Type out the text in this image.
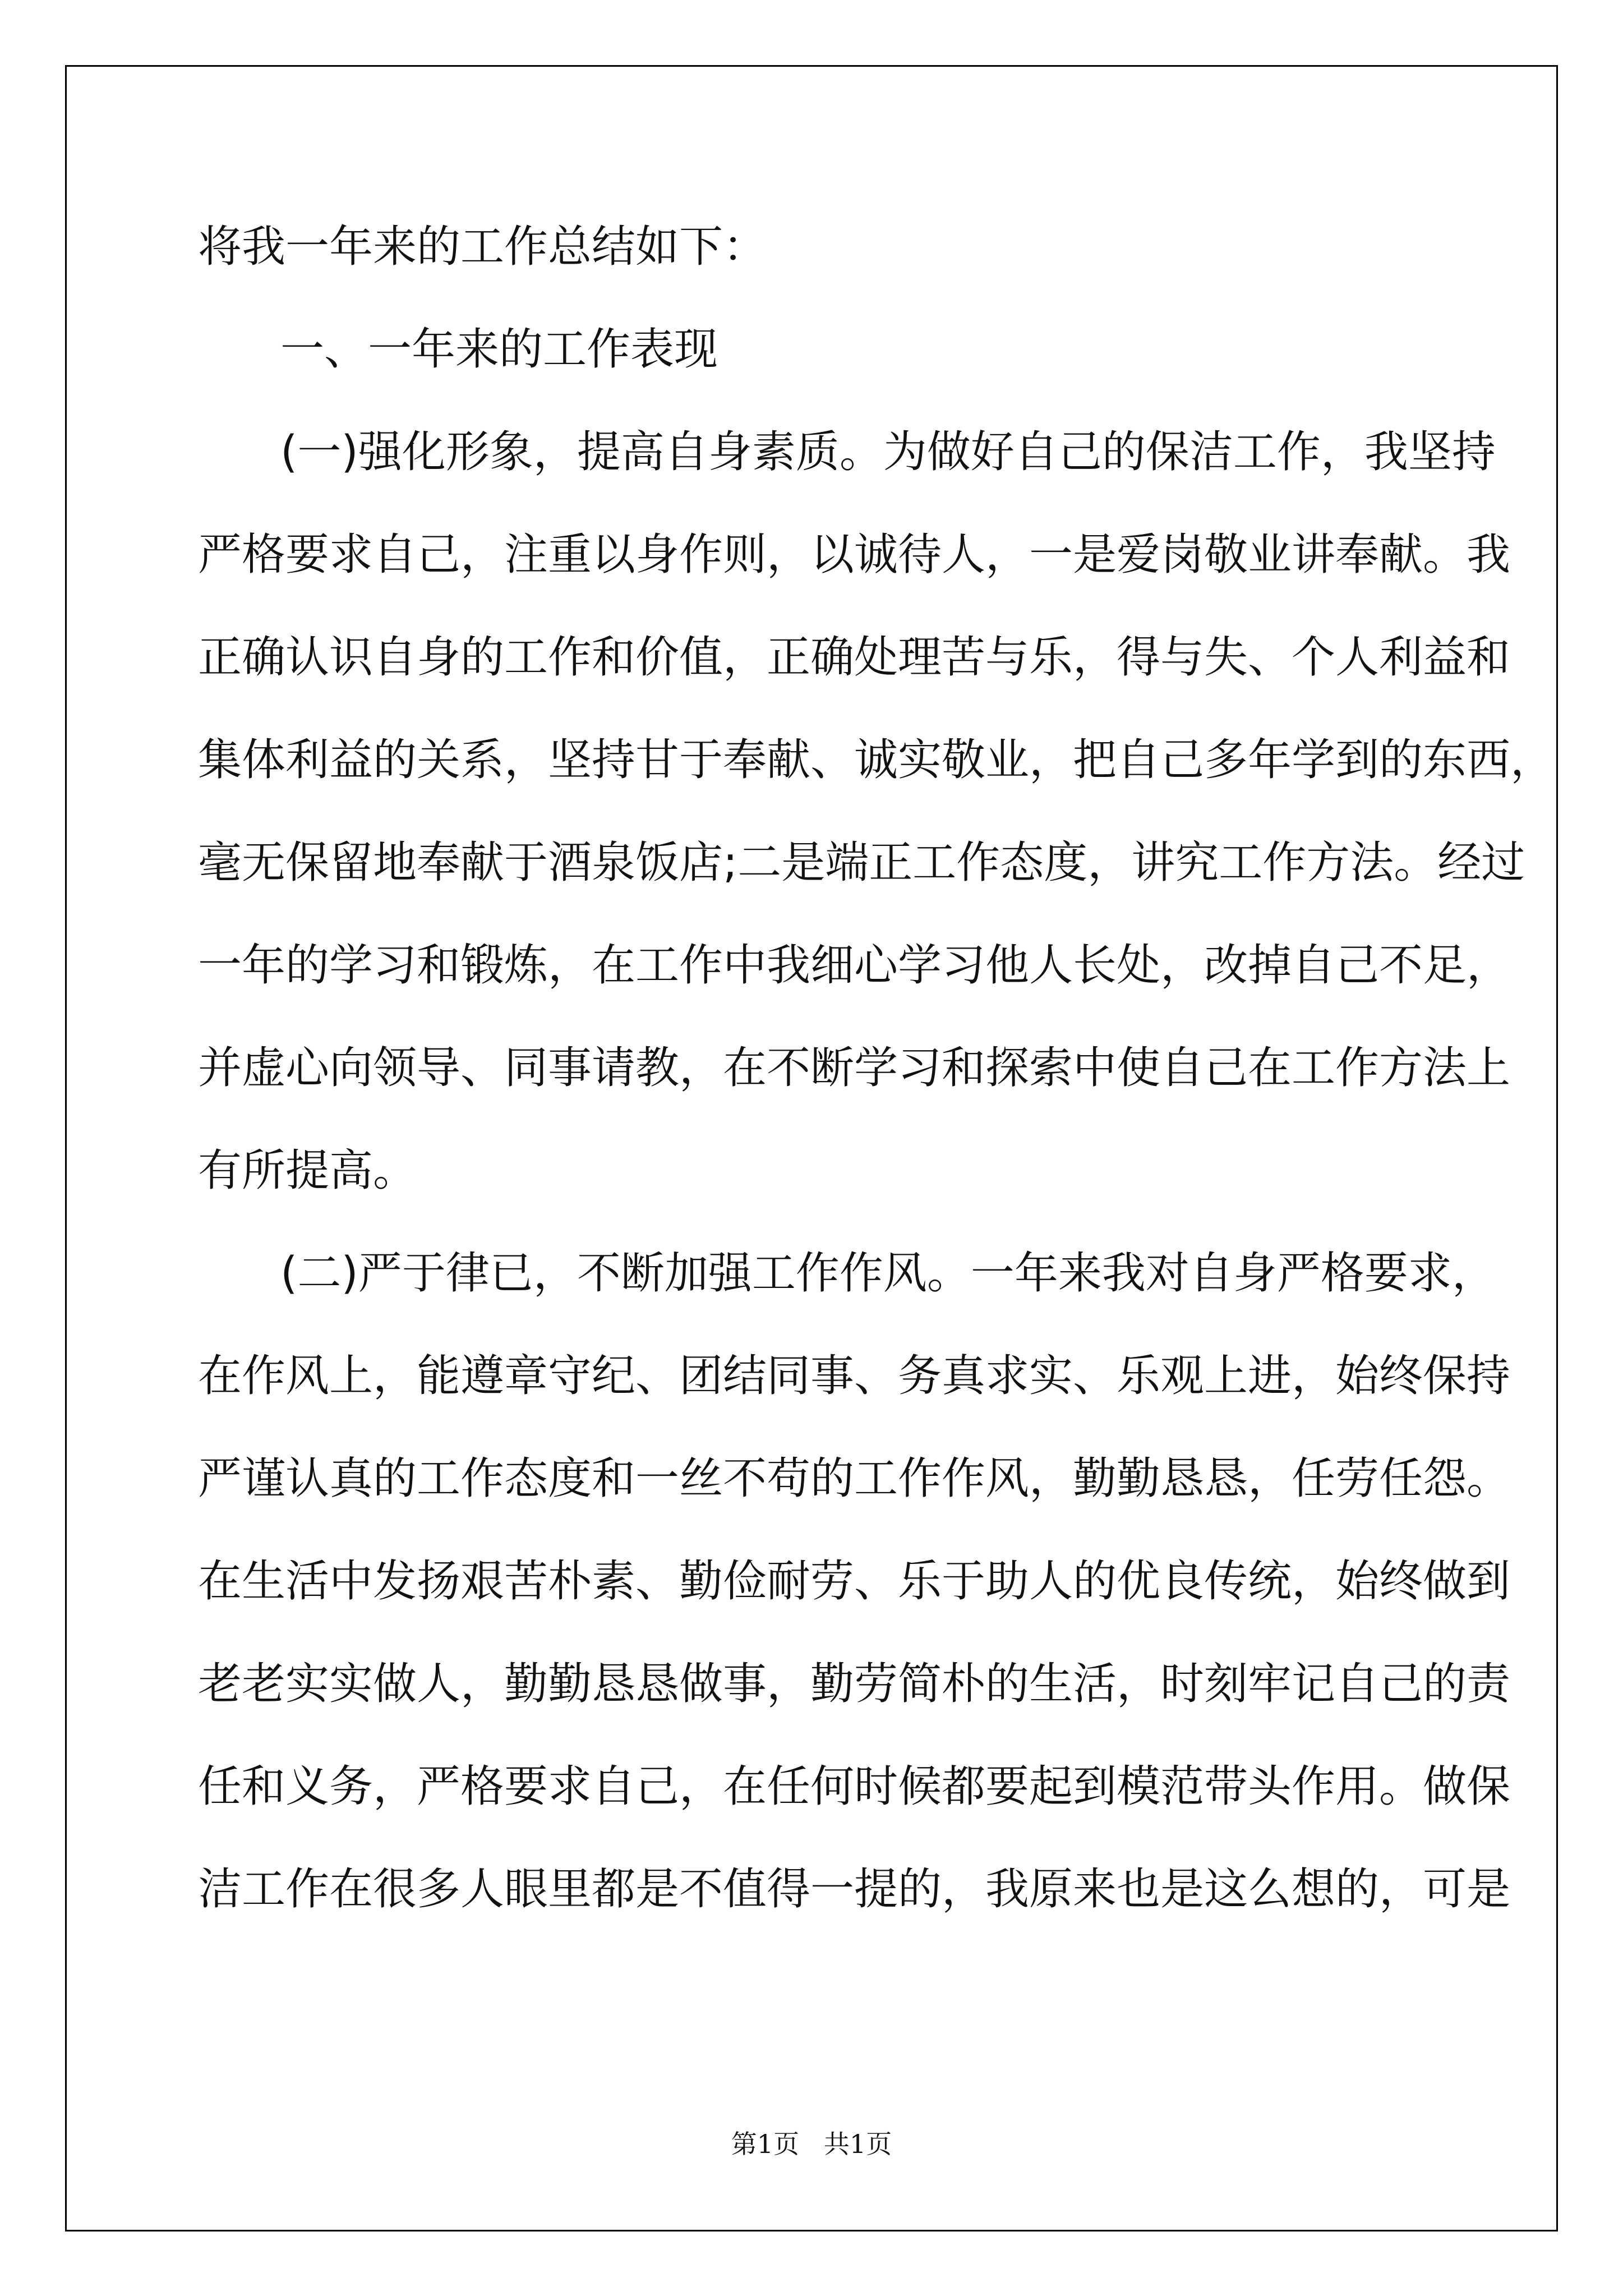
将我一年来的工作总结如下：
一、一年来的工作表现
(一)强化形象，提高自身素质。为做好自己的保洁工作，我坚持
严格要求自己，注重以身作则，以诚待人，一是爱岗敬业讲奉献。我
正确认识自身的工作和价值，正确处理苦与乐，得与失、个人利益和
集体利益的关系，坚持甘于奉献、诚实敬业，把自己多年学到的东西，
毫无保留地奉献于酒泉饭店;二是端正工作态度，讲究工作方法。经过
一年的学习和锻炼，在工作中我细心学习他人长处，改掉自己不足，
并虚心向领导、同事请教，在不断学习和探索中使自己在工作方法上
有所提高。
(二)严于律已，不断加强工作作风。一年来我对自身严格要求，
在作风上，能遵章守纪、团结同事、务真求实、乐观上进，始终保持
严谨认真的工作态度和一丝不苟的工作作风，勤勤恳恳，任劳任怨。
在生活中发扬艰苦朴素、勤俭耐劳、乐于助人的优良传统，始终做到
老老实实做人，勤勤恳恳做事，勤劳简朴的生活，时刻牢记自己的责
任和义务，严格要求自己，在任何时候都要起到模范带头作用。做保
洁工作在很多人眼里都是不值得一提的，我原来也是这么想的，可是
第1页   共1页
